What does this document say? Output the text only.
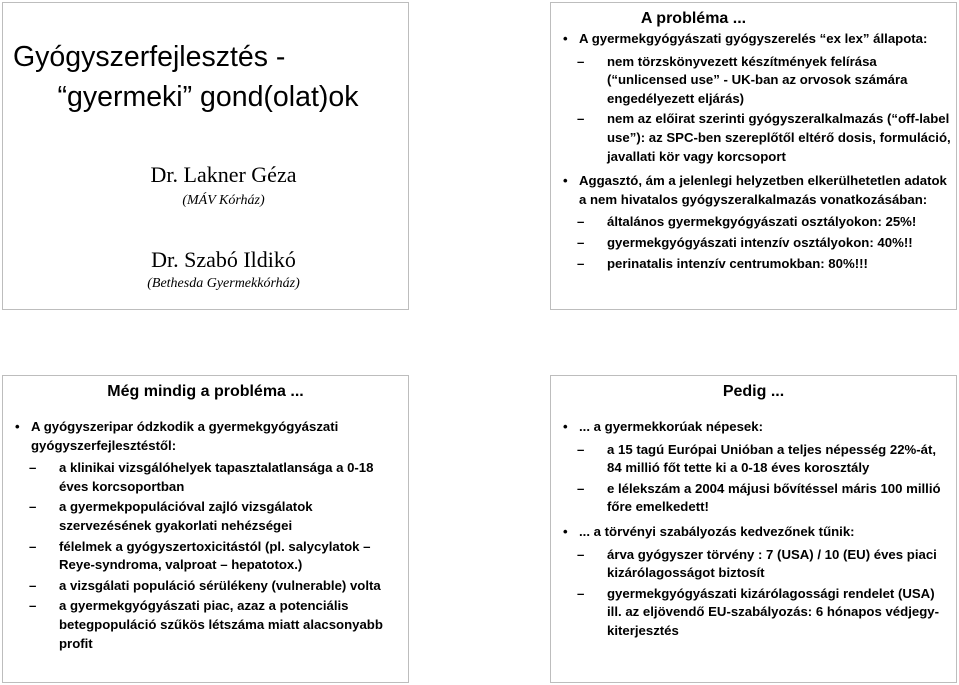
Gyógyszerfejlesztés -
“gyermeki” gond(olat)ok
Dr. Lakner Géza
(MÁV Kórház)
Dr. Szabó Ildikó
(Bethesda Gyermekkórház)
A probléma ...
• A gyermekgyógyászati gyógyszerelés “ex lex” állapota:
– nem törzskönyvezett készítmények felírása (“unlicensed use” - UK-ban az orvosok számára engedélyezett eljárás)
– nem az előirat szerinti gyógyszeralkalmazás (“off-label use”): az SPC-ben szereplőtől eltérő dosis, formuláció, javallati kör vagy korcsoport
• Aggasztó, ám a jelenlegi helyzetben elkerülhetetlen adatok a nem hivatalos gyógyszeralkalmazás vonatkozásában:
– általános gyermekgyógyászati osztályokon: 25%!
– gyermekgyógyászati intenzív osztályokon: 40%!!
– perinatalis intenzív centrumokban: 80%!!!
Még mindig a probléma ...
• A gyógyszeripar ódzkodik a gyermekgyógyászati gyógyszerfejlesztéstől:
– a klinikai vizsgálóhelyek tapasztalatlansága a 0-18 éves korcsoportban
– a gyermekpopulációval zajló vizsgálatok szervezésének gyakorlati nehézségei
– félelmek a gyógyszertoxicitástól (pl. salycylatok – Reye-syndroma, valproat – hepatotox.)
– a vizsgálati populáció sérülékeny (vulnerable) volta
– a gyermekgyógyászati piac, azaz a potenciális betegpopuláció szűkös létszáma miatt alacsonyabb profit
Pedig ...
• ... a gyermekkorúak népesek:
– a 15 tagú Európai Unióban a teljes népesség 22%-át, 84 millió főt tette ki a 0-18 éves korosztály
– e lélekszám a 2004 májusi bővítéssel máris 100 millió főre emelkedett!
• ... a törvényi szabályozás kedvezőnek tűnik:
– árva gyógyszer törvény : 7 (USA) / 10 (EU) éves piaci kizárólagosságot biztosít
– gyermekgyógyászati kizárólagossági rendelet (USA) ill. az eljövendő EU-szabályozás: 6 hónapos védjegy-kiterjesztés
